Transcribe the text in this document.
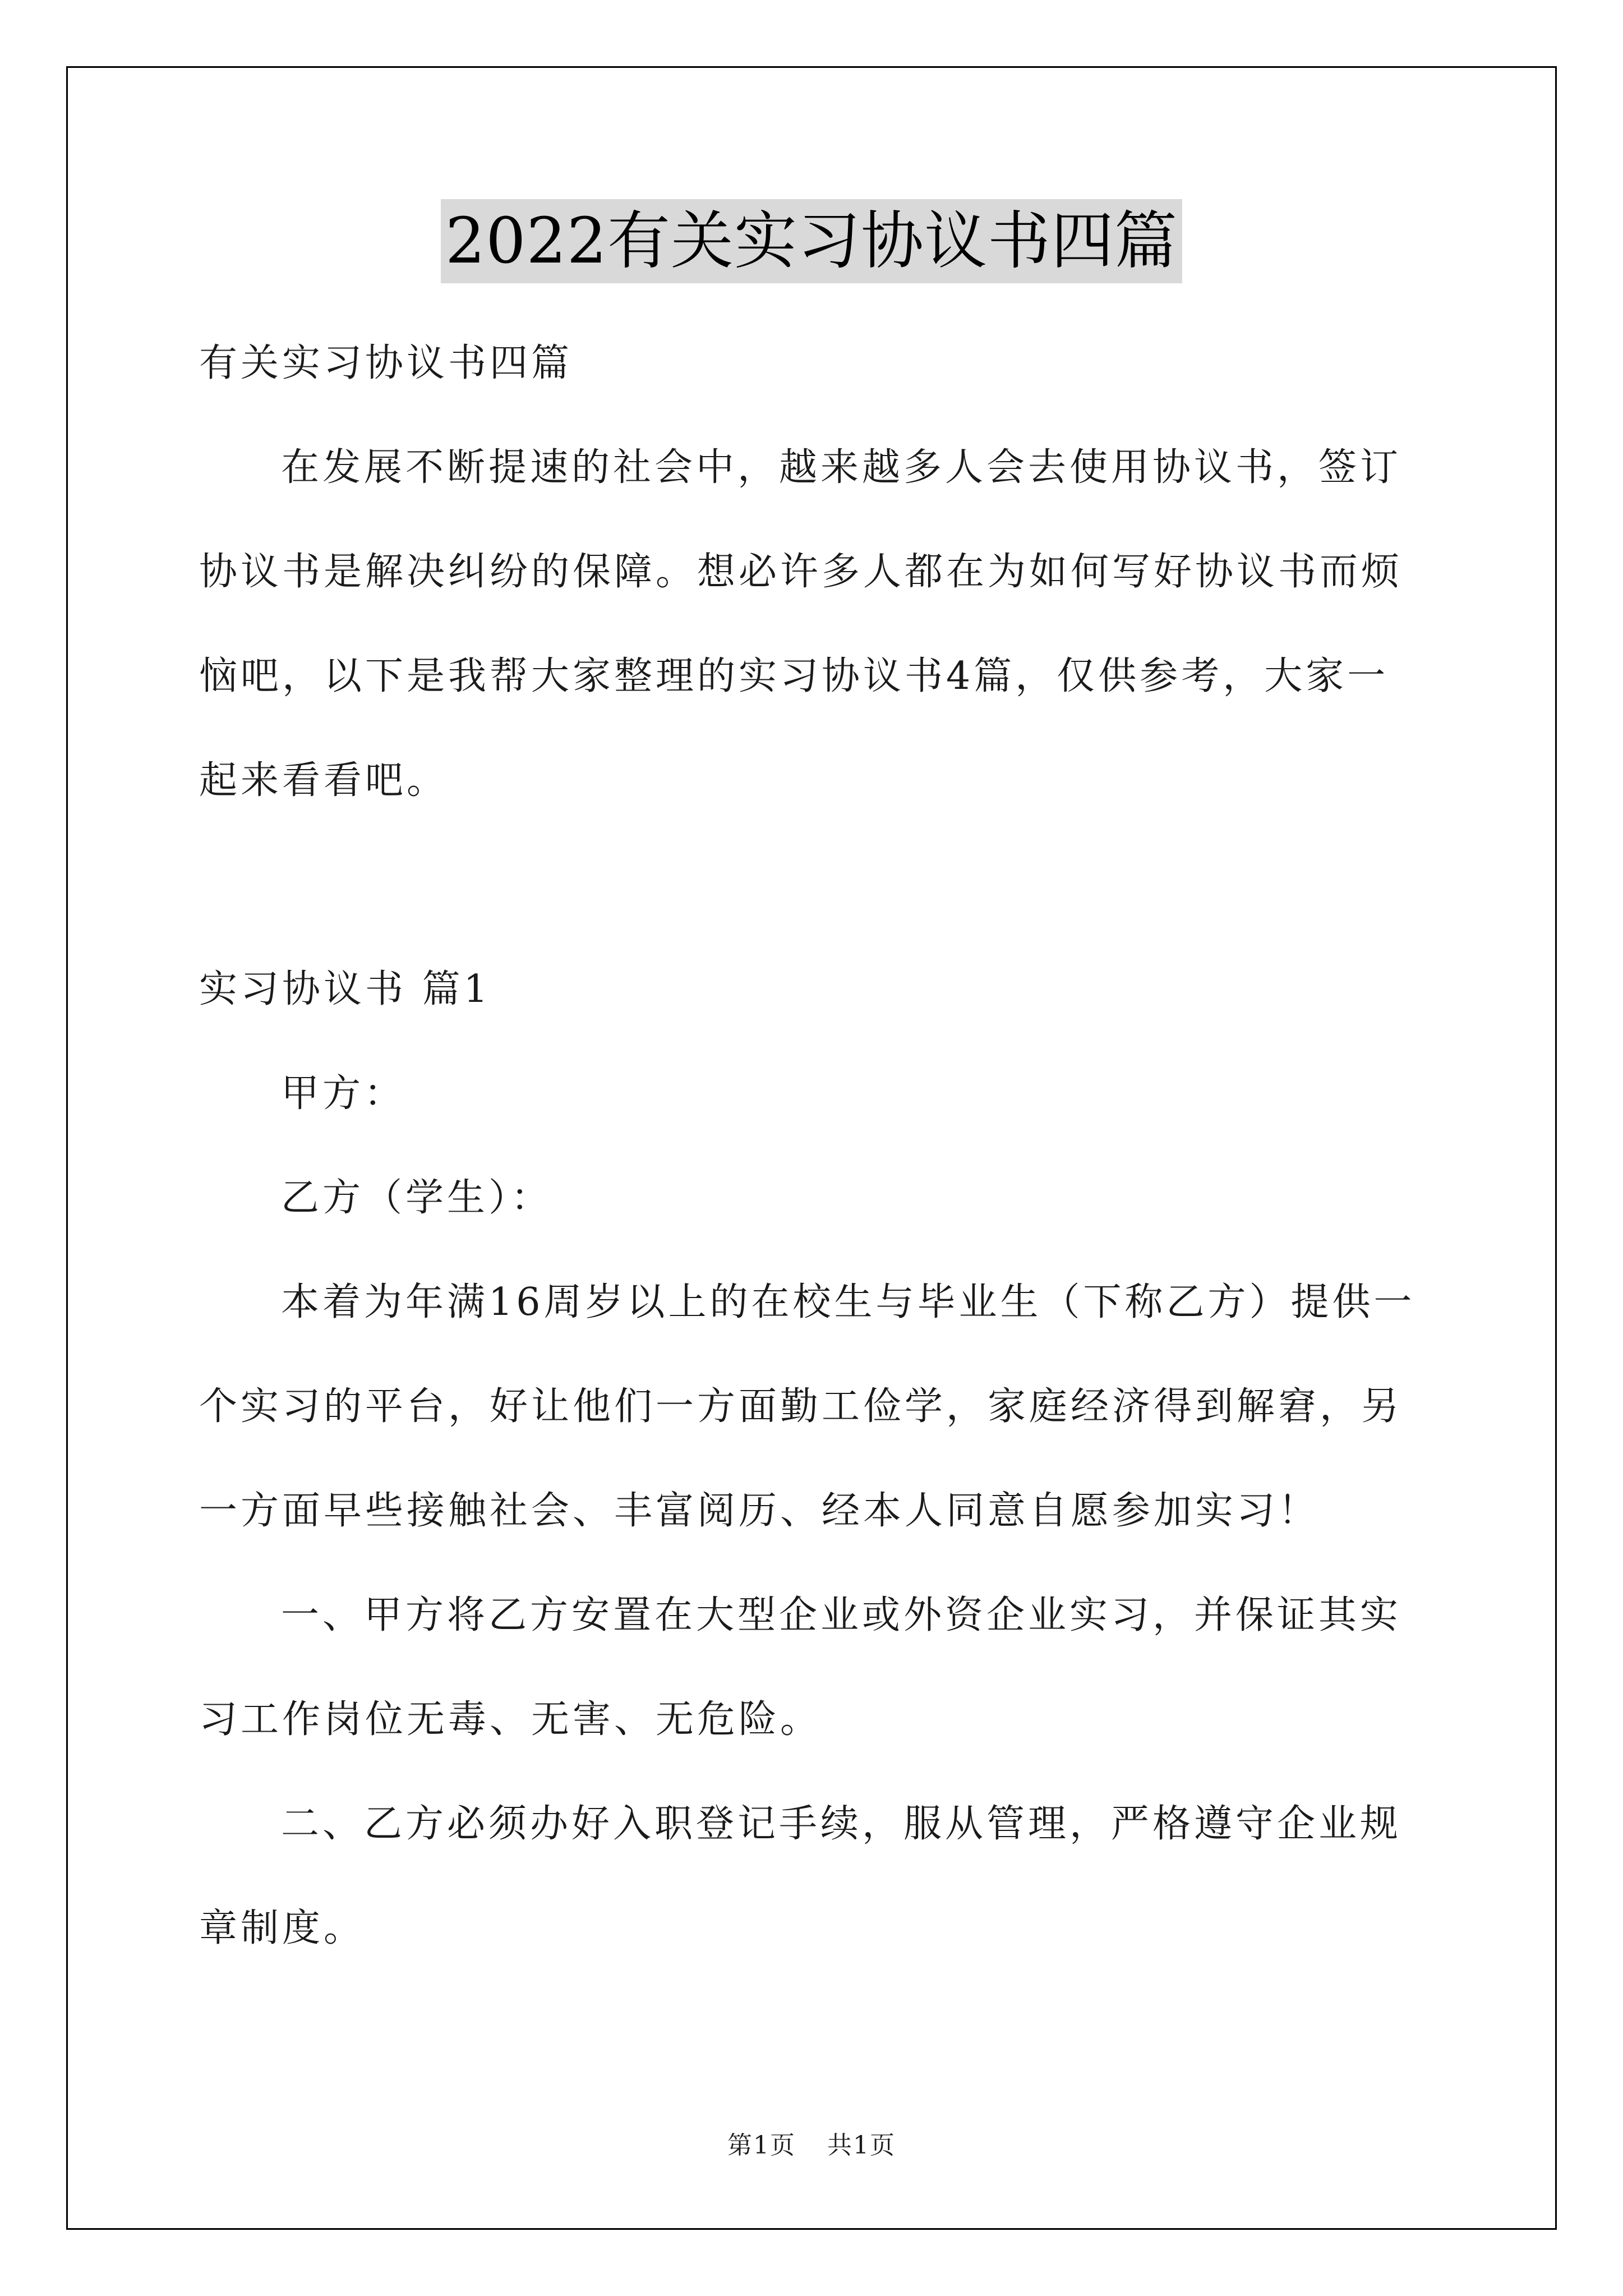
2022有关实习协议书四篇

有关实习协议书四篇

在发展不断提速的社会中，越来越多人会去使用协议书，签订协议书是解决纠纷的保障。想必许多人都在为如何写好协议书而烦恼吧，以下是我帮大家整理的实习协议书4篇，仅供参考，大家一起来看看吧。

实习协议书 篇1

甲方：

乙方（学生）：

本着为年满16周岁以上的在校生与毕业生（下称乙方）提供一个实习的平台，好让他们一方面勤工俭学，家庭经济得到解窘，另一方面早些接触社会、丰富阅历、经本人同意自愿参加实习！

一、甲方将乙方安置在大型企业或外资企业实习，并保证其实习工作岗位无毒、无害、无危险。

二、乙方必须办好入职登记手续，服从管理，严格遵守企业规章制度。

第1页 共1页
